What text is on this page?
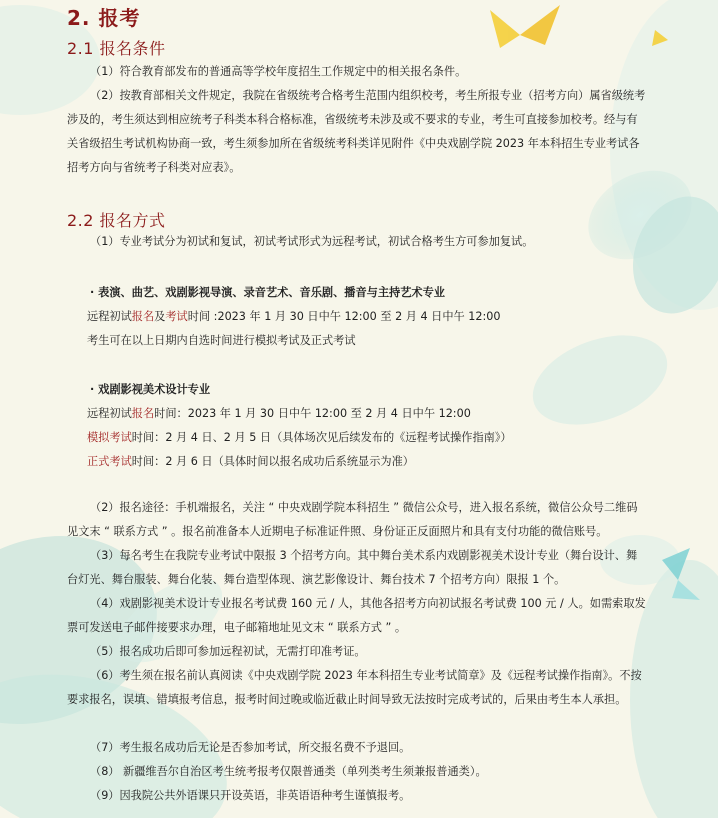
2. 报考
2.1 报名条件
（1）符合教育部发布的普通高等学校年度招生工作规定中的相关报名条件。
（2）按教育部相关文件规定，我院在省级统考合格考生范围内组织校考，考生所报专业（招考方向）属省级统考涉及的，考生须达到相应统考子科类本科合格标准，省级统考未涉及或不要求的专业，考生可直接参加校考。经与有关省级招生考试机构协商一致，考生须参加所在省级统考科类详见附件《中央戏剧学院 2023 年本科招生专业考试各招考方向与省统考子科类对应表》。
2.2 报名方式
（1）专业考试分为初试和复试，初试考试形式为远程考试，初试合格考生方可参加复试。
· 表演、曲艺、戏剧影视导演、录音艺术、音乐剧、播音与主持艺术专业
远程初试报名及考试时间 :2023 年 1 月 30 日中午 12:00 至 2 月 4 日中午 12:00
考生可在以上日期内自选时间进行模拟考试及正式考试
· 戏剧影视美术设计专业
远程初试报名时间：2023 年 1 月 30 日中午 12:00 至 2 月 4 日中午 12:00
模拟考试时间：2 月 4 日、2 月 5 日（具体场次见后续发布的《远程考试操作指南》）
正式考试时间：2 月 6 日（具体时间以报名成功后系统显示为准）
（2）报名途径：手机端报名，关注 “ 中央戏剧学院本科招生 ” 微信公众号，进入报名系统，微信公众号二维码见文末 “ 联系方式 ” 。报名前准备本人近期电子标准证件照、身份证正反面照片和具有支付功能的微信账号。
（3）每名考生在我院专业考试中限报 3 个招考方向。其中舞台美术系内戏剧影视美术设计专业（舞台设计、舞台灯光、舞台服装、舞台化装、舞台造型体现、演艺影像设计、舞台技术 7 个招考方向）限报 1 个。
（4）戏剧影视美术设计专业报名考试费 160 元 / 人，其他各招考方向初试报名考试费 100 元 / 人。如需索取发票可发送电子邮件接要求办理，电子邮箱地址见文末 “ 联系方式 ” 。
（5）报名成功后即可参加远程初试，无需打印准考证。
（6）考生须在报名前认真阅读《中央戏剧学院 2023 年本科招生专业考试简章》及《远程考试操作指南》。不按要求报名，误填、错填报考信息，报考时间过晚或临近截止时间导致无法按时完成考试的，后果由考生本人承担。
（7）考生报名成功后无论是否参加考试，所交报名费不予退回。
（8） 新疆维吾尔自治区考生统考报考仅限普通类（单列类考生须兼报普通类）。
（9）因我院公共外语课只开设英语，非英语语种考生谨慎报考。
